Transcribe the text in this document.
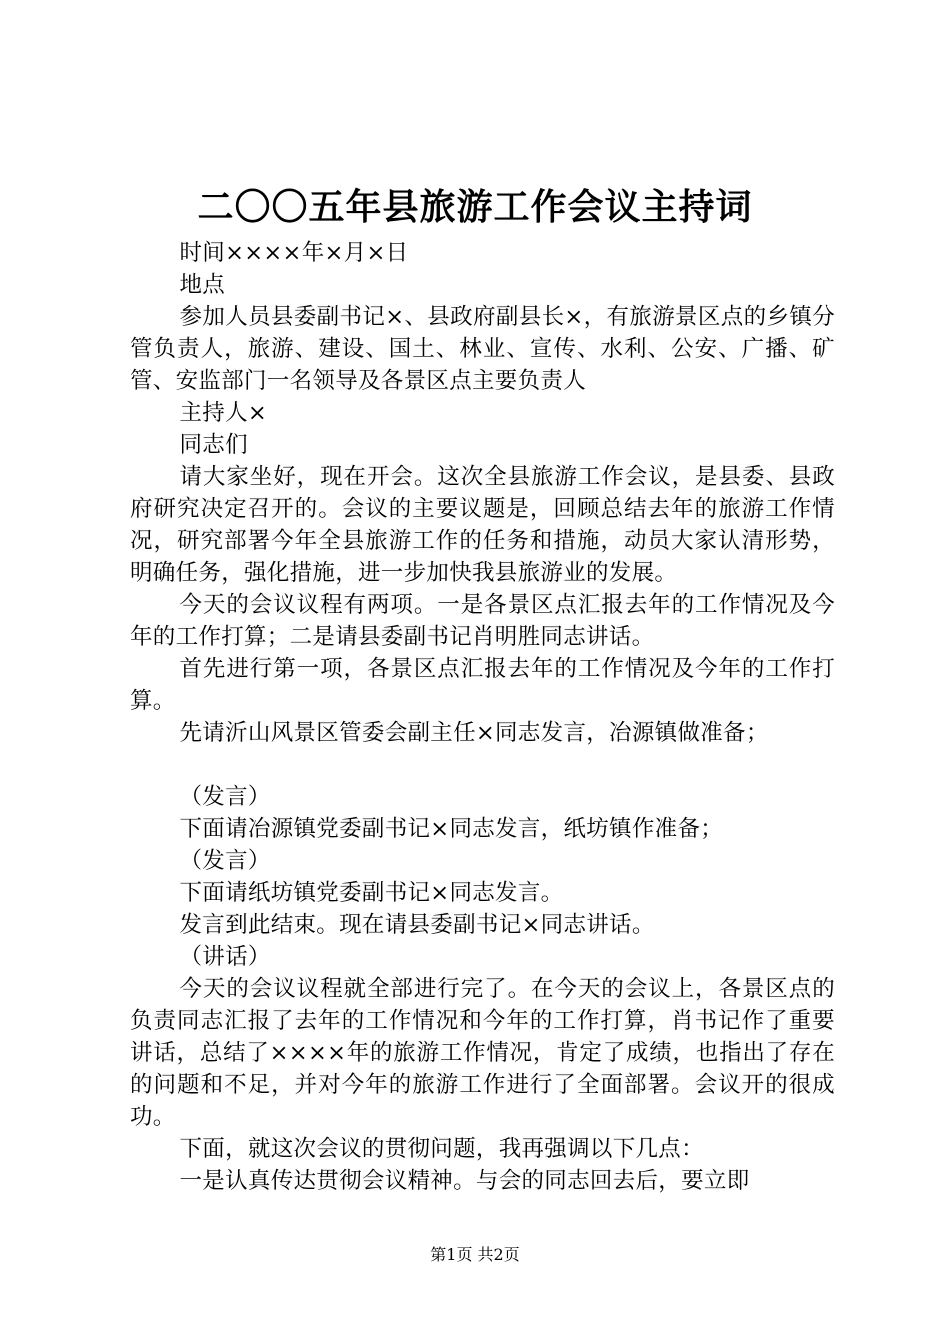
二〇〇五年县旅游工作会议主持词

时间××××年×月×日

地点

参加人员县委副书记×、县政府副县长×，有旅游景区点的乡镇分管负责人，旅游、建设、国土、林业、宣传、水利、公安、广播、矿管、安监部门一名领导及各景区点主要负责人

主持人×

同志们

请大家坐好，现在开会。这次全县旅游工作会议，是县委、县政府研究决定召开的。会议的主要议题是，回顾总结去年的旅游工作情况，研究部署今年全县旅游工作的任务和措施，动员大家认清形势，明确任务，强化措施，进一步加快我县旅游业的发展。

今天的会议议程有两项。一是各景区点汇报去年的工作情况及今年的工作打算；二是请县委副书记肖明胜同志讲话。

首先进行第一项，各景区点汇报去年的工作情况及今年的工作打算。

先请沂山风景区管委会副主任×同志发言，冶源镇做准备；

（发言）

下面请冶源镇党委副书记×同志发言，纸坊镇作准备；

（发言）

下面请纸坊镇党委副书记×同志发言。

发言到此结束。现在请县委副书记×同志讲话。

（讲话）

今天的会议议程就全部进行完了。在今天的会议上，各景区点的负责同志汇报了去年的工作情况和今年的工作打算，肖书记作了重要讲话，总结了××××年的旅游工作情况，肯定了成绩，也指出了存在的问题和不足，并对今年的旅游工作进行了全面部署。会议开的很成功。

下面，就这次会议的贯彻问题，我再强调以下几点：

一是认真传达贯彻会议精神。与会的同志回去后，要立即

第1页 共2页
